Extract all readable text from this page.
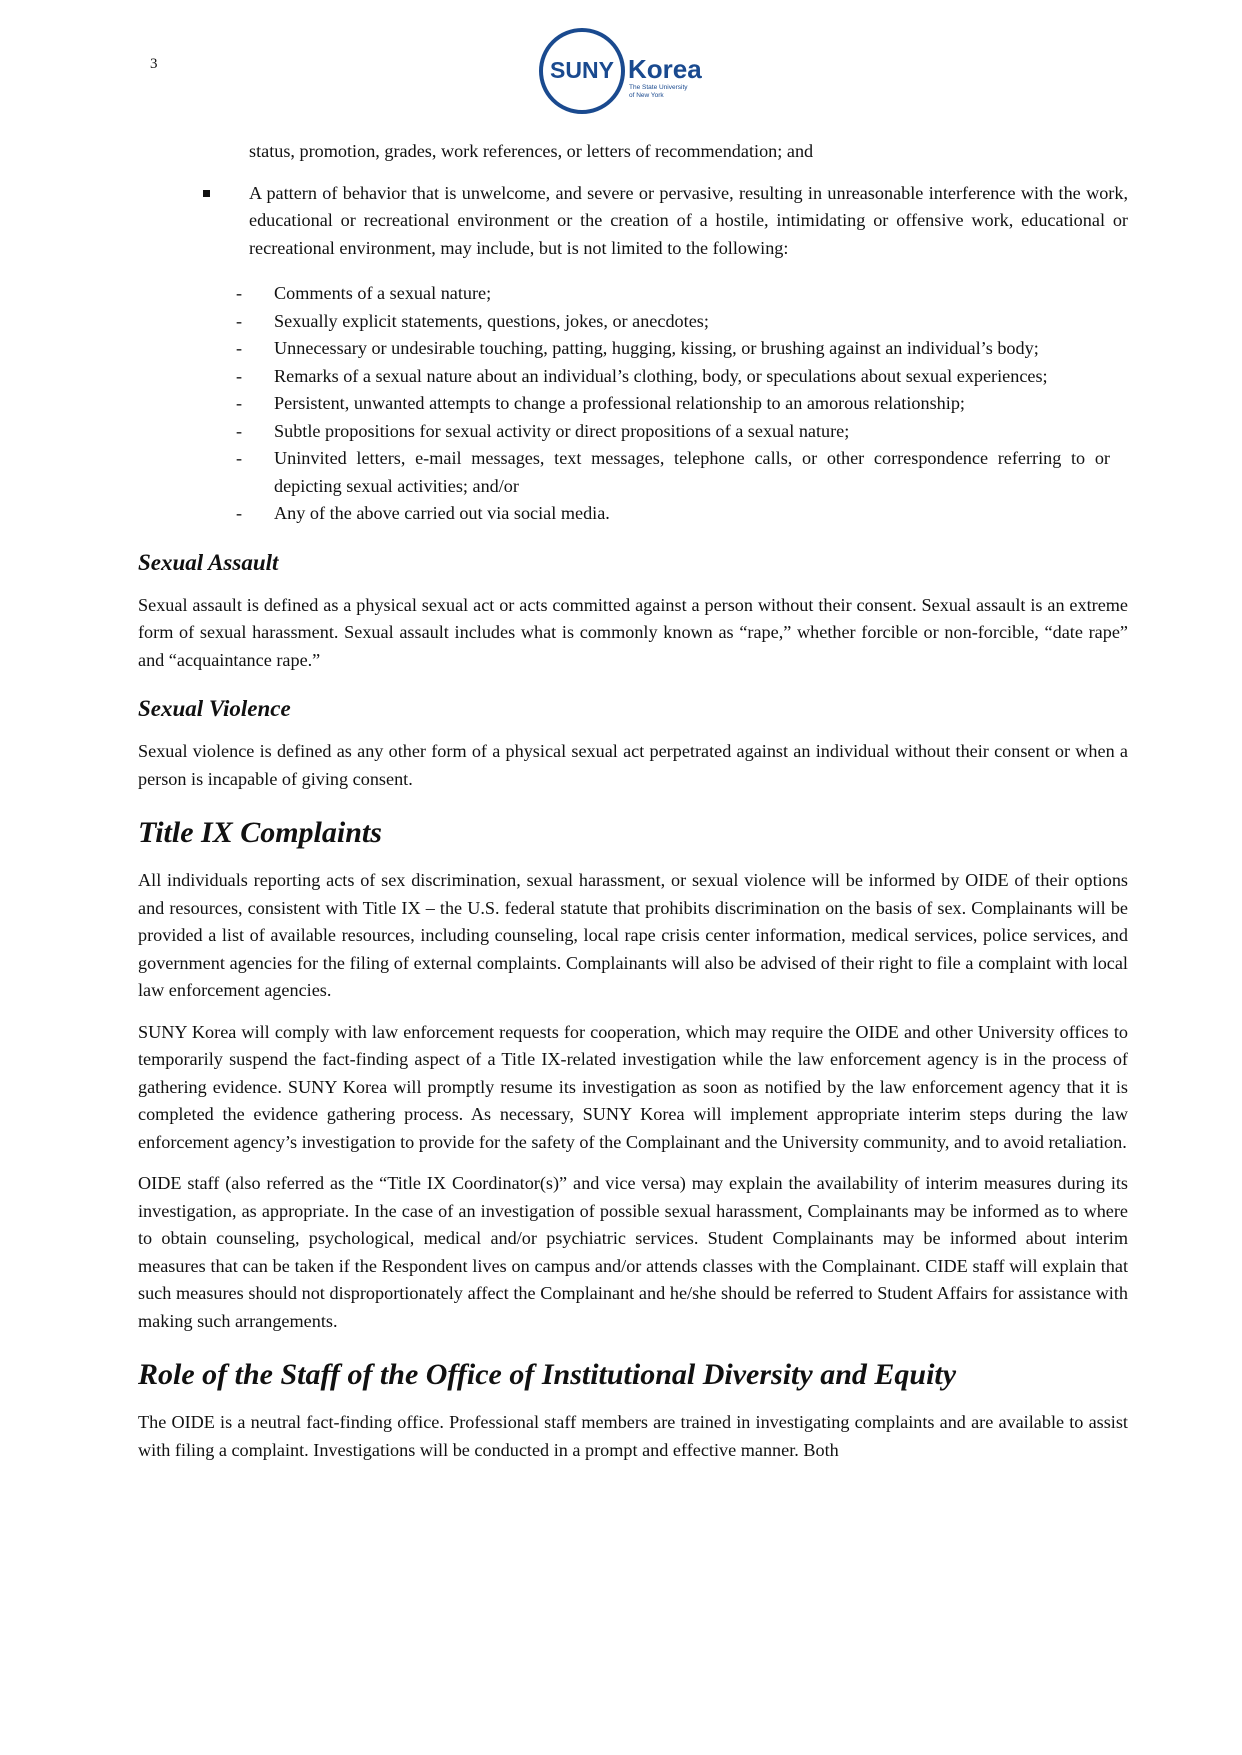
3	SUNY Korea
The State University
of New York
status, promotion, grades, work references, or letters of recommendation; and

A pattern of behavior that is unwelcome, and severe or pervasive, resulting in unreasonable interference with the work, educational or recreational environment or the creation of a hostile, intimidating or offensive work, educational or recreational environment, may include, but is not limited to the following:

- Comments of a sexual nature;
- Sexually explicit statements, questions, jokes, or anecdotes;
- Unnecessary or undesirable touching, patting, hugging, kissing, or brushing against an individual’s body;
- Remarks of a sexual nature about an individual’s clothing, body, or speculations about sexual experiences;
- Persistent, unwanted attempts to change a professional relationship to an amorous relationship;
- Subtle propositions for sexual activity or direct propositions of a sexual nature;
- Uninvited letters, e-mail messages, text messages, telephone calls, or other correspondence referring to or depicting sexual activities; and/or
- Any of the above carried out via social media.
Sexual Assault

Sexual assault is defined as a physical sexual act or acts committed against a person without their consent. Sexual assault is an extreme form of sexual harassment. Sexual assault includes what is commonly known as “rape,” whether forcible or non-forcible, “date rape” and “acquaintance rape.”

Sexual Violence

Sexual violence is defined as any other form of a physical sexual act perpetrated against an individual without their consent or when a person is incapable of giving consent.

Title IX Complaints

All individuals reporting acts of sex discrimination, sexual harassment, or sexual violence will be informed by OIDE of their options and resources, consistent with Title IX – the U.S. federal statute that prohibits discrimination on the basis of sex. Complainants will be provided a list of available resources, including counseling, local rape crisis center information, medical services, police services, and government agencies for the filing of external complaints. Complainants will also be advised of their right to file a complaint with local law enforcement agencies.

SUNY Korea will comply with law enforcement requests for cooperation, which may require the OIDE and other University offices to temporarily suspend the fact-finding aspect of a Title IX-related investigation while the law enforcement agency is in the process of gathering evidence. SUNY Korea will promptly resume its investigation as soon as notified by the law enforcement agency that it is completed the evidence gathering process. As necessary, SUNY Korea will implement appropriate interim steps during the law enforcement agency’s investigation to provide for the safety of the Complainant and the University community, and to avoid retaliation.

OIDE staff (also referred as the “Title IX Coordinator(s)” and vice versa) may explain the availability of interim measures during its investigation, as appropriate. In the case of an investigation of possible sexual harassment, Complainants may be informed as to where to obtain counseling, psychological, medical and/or psychiatric services. Student Complainants may be informed about interim measures that can be taken if the Respondent lives on campus and/or attends classes with the Complainant. CIDE staff will explain that such measures should not disproportionately affect the Complainant and he/she should be referred to Student Affairs for assistance with making such arrangements.

Role of the Staff of the Office of Institutional Diversity and Equity

The OIDE is a neutral fact-finding office. Professional staff members are trained in investigating complaints and are available to assist with filing a complaint. Investigations will be conducted in a prompt and effective manner. Both
